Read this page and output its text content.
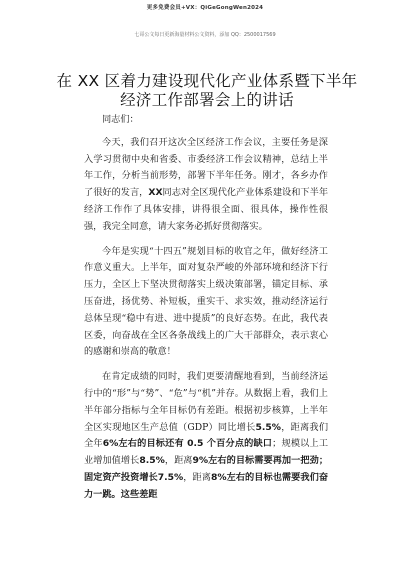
更多免费会员+VX：QiGeGongWen2024
七哥公文每日更新海量材料公文资料，添加 QQ：2500017569
在 XX 区着力建设现代化产业体系暨下半年经济工作部署会上的讲话

同志们：

今天，我们召开这次全区经济工作会议，主要任务是深入学习贯彻中央和省委、市委经济工作会议精神，总结上半年工作，分析当前形势，部署下半年任务。刚才，各乡办作了很好的发言，XX同志对全区现代化产业体系建设和下半年经济工作作了具体安排，讲得很全面、很具体，操作性很强，我完全同意，请大家务必抓好贯彻落实。

今年是实现“十四五”规划目标的收官之年，做好经济工作意义重大。上半年，面对复杂严峻的外部环境和经济下行压力，全区上下坚决贯彻落实上级决策部署，锚定目标、承压奋进，扬优势、补短板，重实干、求实效，推动经济运行总体呈现“稳中有进、进中提质”的良好态势。在此，我代表区委，向奋战在全区各条战线上的广大干部群众，表示衷心的感谢和崇高的敬意！

在肯定成绩的同时，我们更要清醒地看到，当前经济运行中的“形”与“势”、“危”与“机”并存。从数据上看，我们上半年部分指标与全年目标仍有差距。根据初步核算，上半年全区实现地区生产总值（GDP）同比增长5.5%，距离我们全年6%左右的目标还有 0.5 个百分点的缺口；规模以上工业增加值增长8.5%，距离9%左右的目标需要再加一把劲；固定资产投资增长7.5%，距离8%左右的目标也需要我们奋力一跳。这些差距
